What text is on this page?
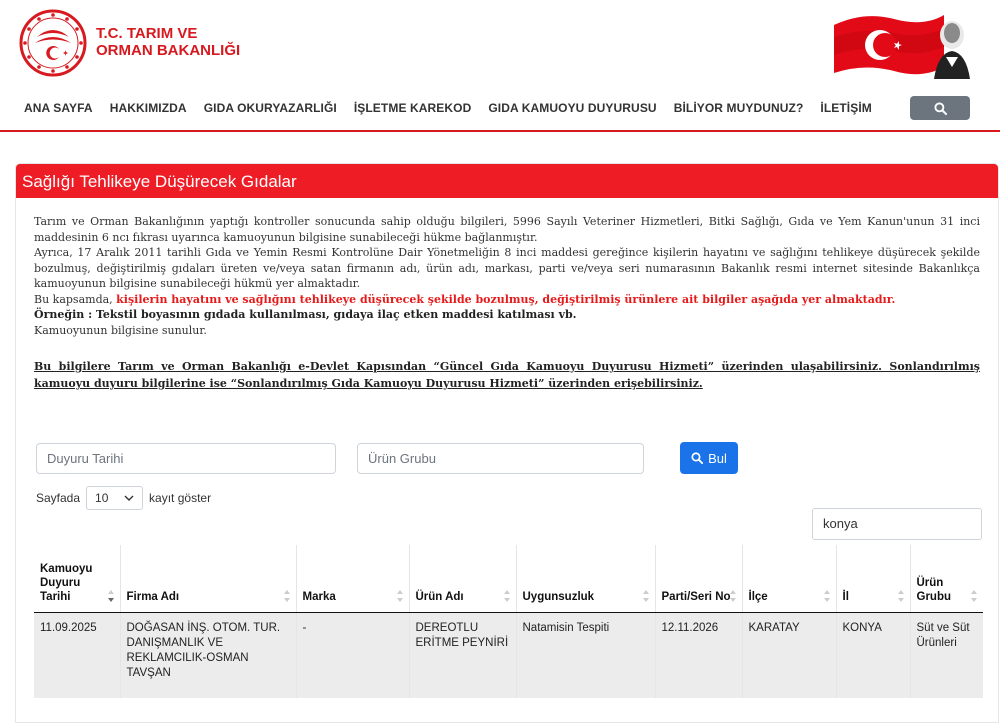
T.C. TARIM VE
ORMAN BAKANLIĞI
ANA SAYFA HAKKIMIZDA GIDA OKURYAZARLIĞI İŞLETME KAREKOD GIDA KAMUOYU DUYURUSU BİLİYOR MUYDUNUZ? İLETİŞİM
Sağlığı Tehlikeye Düşürecek Gıdalar

Tarım ve Orman Bakanlığının yaptığı kontroller sonucunda sahip olduğu bilgileri, 5996 Sayılı Veteriner Hizmetleri, Bitki Sağlığı, Gıda ve Yem Kanun'unun 31 inci maddesinin 6 ncı fıkrası uyarınca kamuoyunun bilgisine sunabileceği hükme bağlanmıştır.
Ayrıca, 17 Aralık 2011 tarihli Gıda ve Yemin Resmi Kontrolüne Dair Yönetmeliğin 8 inci maddesi gereğince kişilerin hayatını ve sağlığını tehlikeye düşürecek şekilde bozulmuş, değiştirilmiş gıdaları üreten ve/veya satan firmanın adı, ürün adı, markası, parti ve/veya seri numarasının Bakanlık resmi internet sitesinde Bakanlıkça kamuoyunun bilgisine sunabileceği hükmü yer almaktadır.
Bu kapsamda, kişilerin hayatını ve sağlığını tehlikeye düşürecek şekilde bozulmuş, değiştirilmiş ürünlere ait bilgiler aşağıda yer almaktadır.
Örneğin : Tekstil boyasının gıdada kullanılması, gıdaya ilaç etken maddesi katılması vb.
Kamuoyunun bilgisine sunulur.

Bu bilgilere Tarım ve Orman Bakanlığı e-Devlet Kapısından “Güncel Gıda Kamuoyu Duyurusu Hizmeti” üzerinden ulaşabilirsiniz. Sonlandırılmış kamuoyu duyuru bilgilerine ise “Sonlandırılmış Gıda Kamuoyu Duyurusu Hizmeti” üzerinden erişebilirsiniz.
Duyuru Tarihi	Ürün Grubu	Bul
Sayfada 10	kayıt göster
konya
Kamuoyu Duyuru Tarihi	Firma Adı	Marka	Ürün Adı	Uygunsuzluk	Parti/Seri No	İlçe	İl	Ürün Grubu

11.09.2025	DOĞASAN İNŞ. OTOM. TUR. DANIŞMANLIK VE REKLAMCILIK-OSMAN TAVŞAN	-	DEREOTLU ERİTME PEYNİRİ	Natamisin Tespiti	12.11.2026	KARATAY	KONYA	Süt ve Süt Ürünleri
